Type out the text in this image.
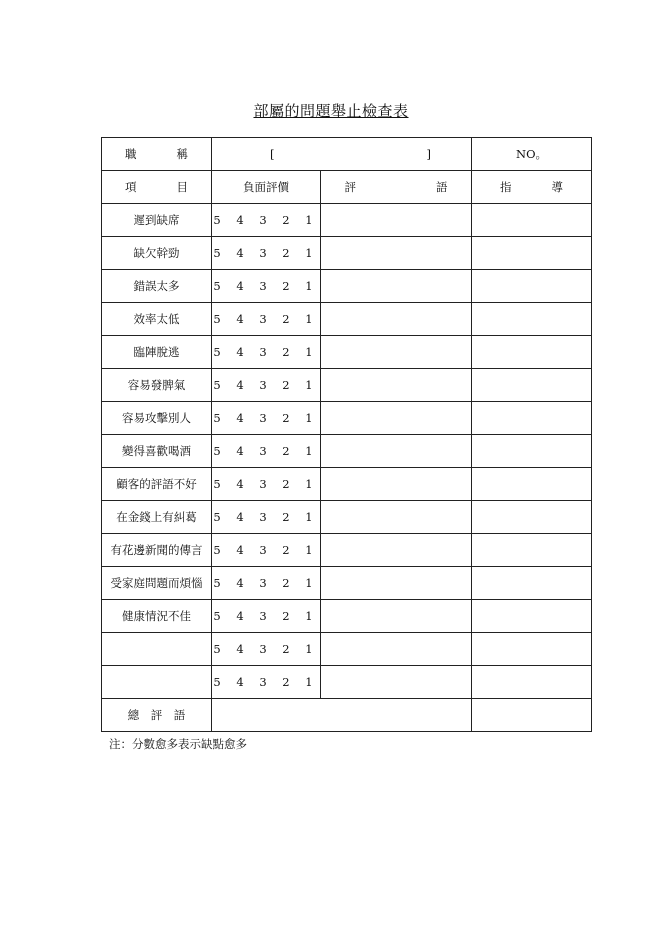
部屬的問題舉止檢查表
職 稱	[ ]		NO。
項 目	負面評價	評 語	指 導
遲到缺席	5 4 3 2 1		
缺欠幹勁	5 4 3 2 1		
錯誤太多	5 4 3 2 1		
效率太低	5 4 3 2 1		
臨陣脫逃	5 4 3 2 1		
容易發脾氣	5 4 3 2 1		
容易攻擊別人	5 4 3 2 1		
變得喜歡喝酒	5 4 3 2 1		
顧客的評語不好	5 4 3 2 1		
在金錢上有糾葛	5 4 3 2 1		
有花邊新聞的傳言	5 4 3 2 1		
受家庭問題而煩惱	5 4 3 2 1		
健康情況不佳	5 4 3 2 1		
	5 4 3 2 1		
	5 4 3 2 1		
總　評　語			
注：分數愈多表示缺點愈多
